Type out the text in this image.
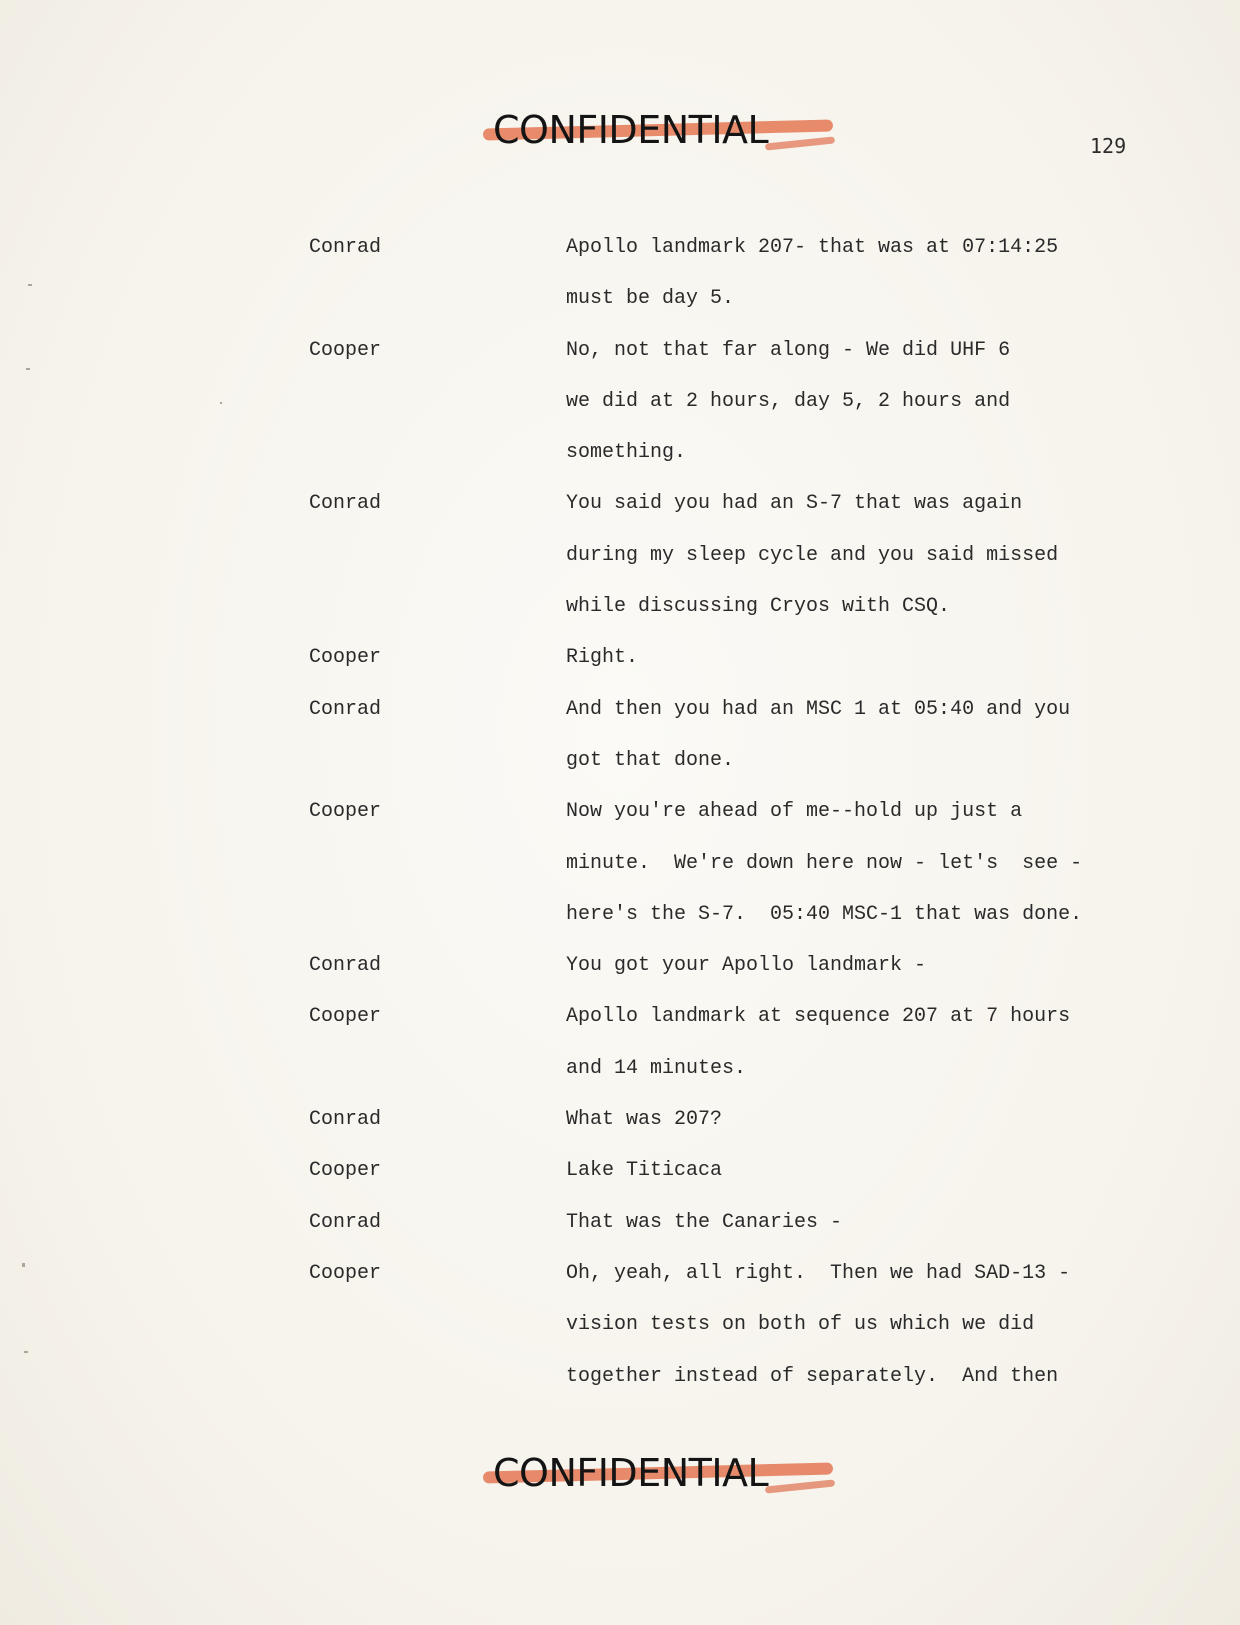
CONFIDENTIAL	129
Conrad	Apollo landmark 207- that was at 07:14:25
must be day 5.
Cooper	No, not that far along - We did UHF 6
we did at 2 hours, day 5, 2 hours and
something.
Conrad	You said you had an S-7 that was again
during my sleep cycle and you said missed
while discussing Cryos with CSQ.
Cooper	Right.
Conrad	And then you had an MSC 1 at 05:40 and you
got that done.
Cooper	Now you're ahead of me--hold up just a
minute.  We're down here now - let's  see -
here's the S-7.  05:40 MSC-1 that was done.
Conrad	You got your Apollo landmark -
Cooper	Apollo landmark at sequence 207 at 7 hours
and 14 minutes.
Conrad	What was 207?
Cooper	Lake Titicaca
Conrad	That was the Canaries -
Cooper	Oh, yeah, all right.  Then we had SAD-13 -
vision tests on both of us which we did
together instead of separately.  And then
CONFIDENTIAL
